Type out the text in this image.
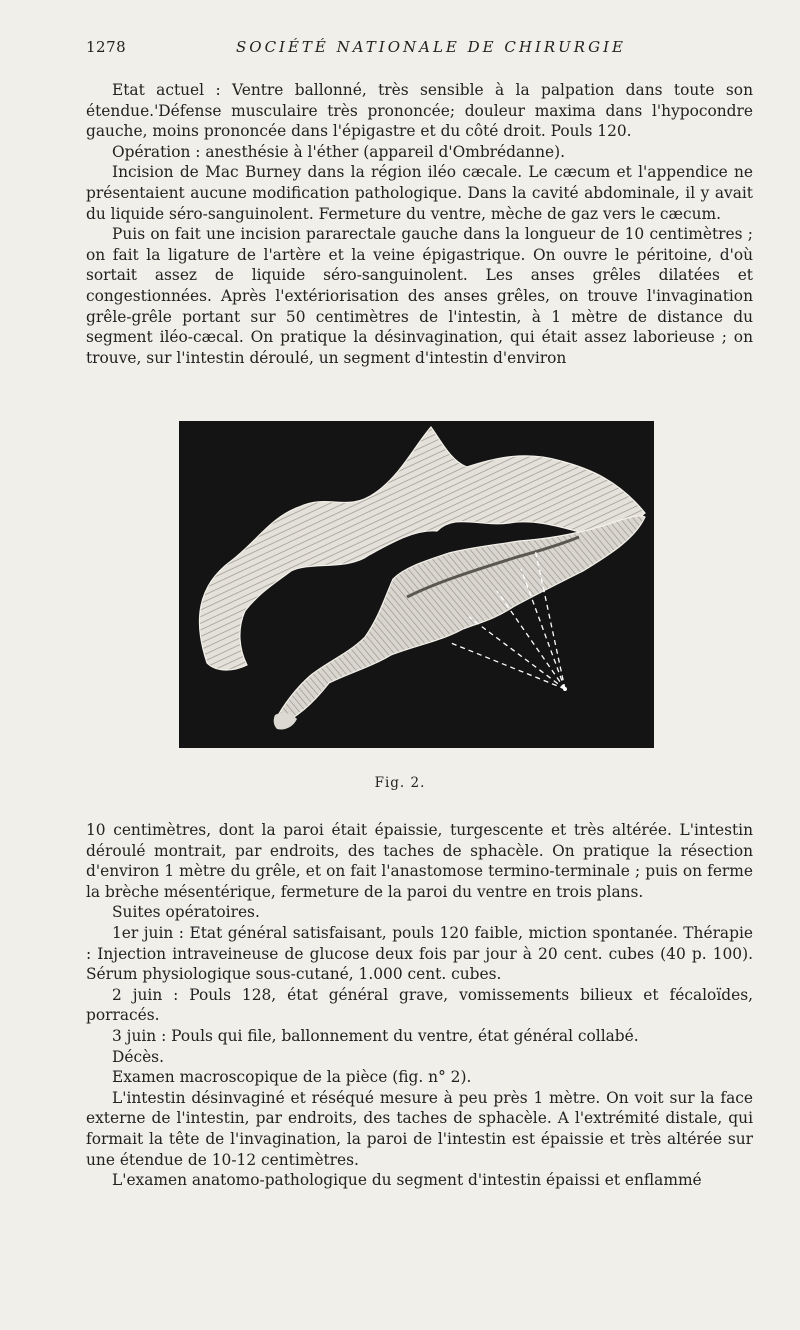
1278	SOCIÉTÉ NATIONALE DE CHIRURGIE

Etat actuel : Ventre ballonné, très sensible à la palpation dans toute son étendue.'Défense musculaire très prononcée; douleur maxima dans l'hypocondre gauche, moins prononcée dans l'épigastre et du côté droit. Pouls 120.

Opération : anesthésie à l'éther (appareil d'Ombrédanne).

Incision de Mac Burney dans la région iléo cæcale. Le cæcum et l'appendice ne présentaient aucune modification pathologique. Dans la cavité abdominale, il y avait du liquide séro-sanguinolent. Fermeture du ventre, mèche de gaz vers le cæcum.

Puis on fait une incision pararectale gauche dans la longueur de 10 centimètres ; on fait la ligature de l'artère et la veine épigastrique. On ouvre le péritoine, d'où sortait assez de liquide séro-sanguinolent. Les anses grêles dilatées et congestionnées. Après l'extériorisation des anses grêles, on trouve l'invagination grêle-grêle portant sur 50 centimètres de l'intestin, à 1 mètre de distance du segment iléo-cæcal. On pratique la désinvagination, qui était assez laborieuse ; on trouve, sur l'intestin déroulé, un segment d'intestin d'environ

Fig. 2.

10 centimètres, dont la paroi était épaissie, turgescente et très altérée. L'intestin déroulé montrait, par endroits, des taches de sphacèle. On pratique la résection d'environ 1 mètre du grêle, et on fait l'anastomose termino-terminale ; puis on ferme la brèche mésentérique, fermeture de la paroi du ventre en trois plans.

Suites opératoires.

1er juin : Etat général satisfaisant, pouls 120 faible, miction spontanée. Thérapie : Injection intraveineuse de glucose deux fois par jour à 20 cent. cubes (40 p. 100). Sérum physiologique sous-cutané, 1.000 cent. cubes.

2 juin : Pouls 128, état général grave, vomissements bilieux et fécaloïdes, porracés.

3 juin : Pouls qui file, ballonnement du ventre, état général collabé.

Décès.

Examen macroscopique de la pièce (fig. n° 2).

L'intestin désinvaginé et réséqué mesure à peu près 1 mètre. On voit sur la face externe de l'intestin, par endroits, des taches de sphacèle. A l'extrémité distale, qui formait la tête de l'invagination, la paroi de l'intestin est épaissie et très altérée sur une étendue de 10-12 centimètres.

L'examen anatomo-pathologique du segment d'intestin épaissi et enflammé
